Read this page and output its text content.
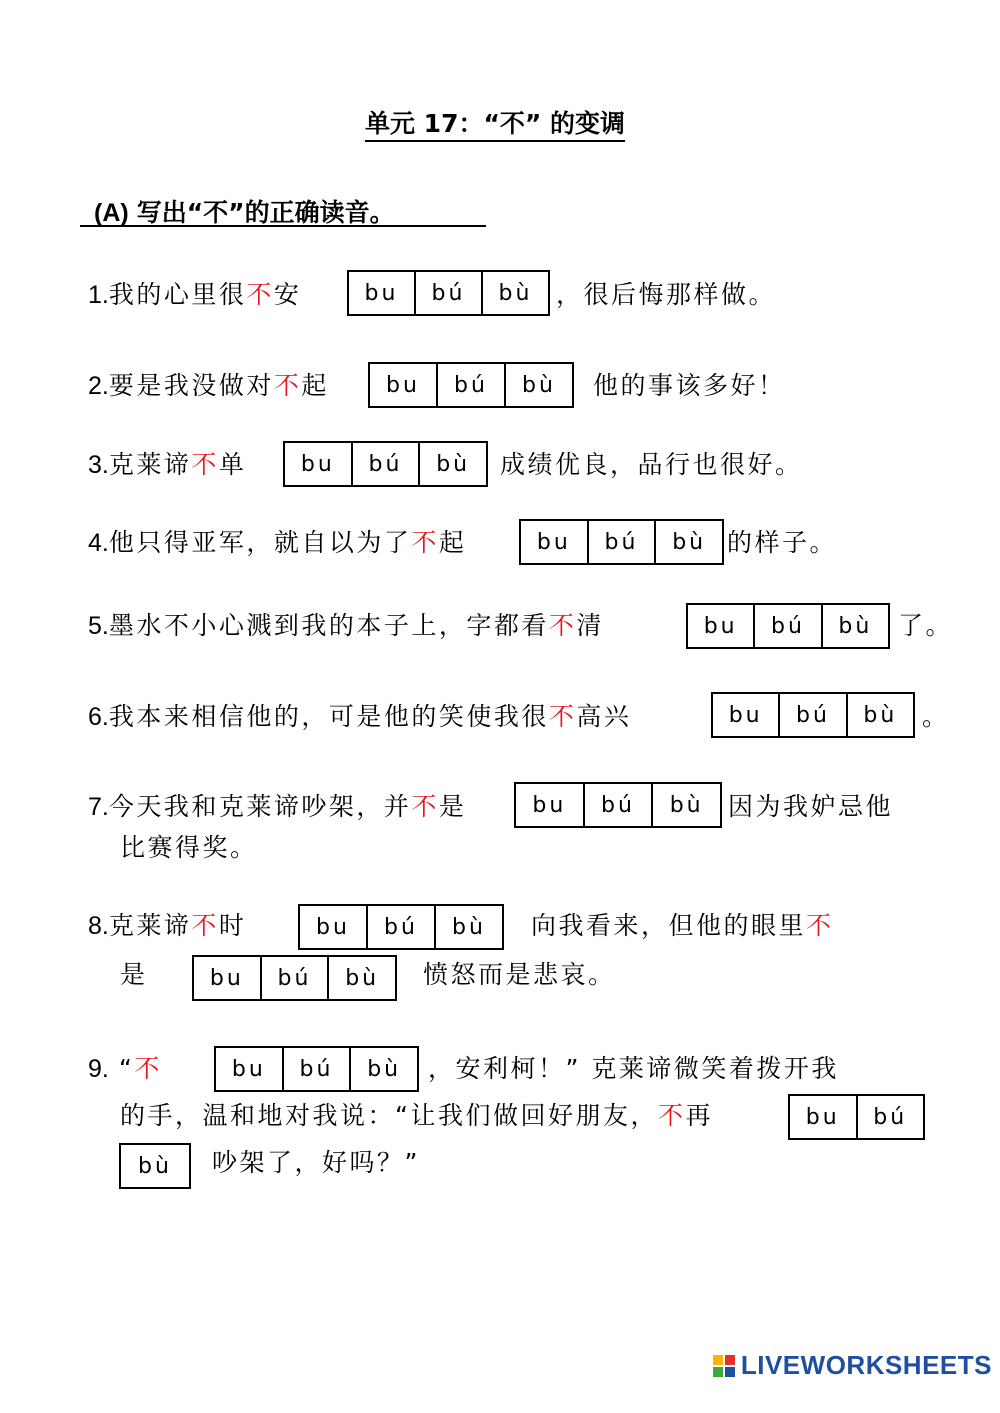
单元 17：“不” 的变调
(A) 写出“不”的正确读音。
1.我的心里很不安	bu	bú	bù ，很后悔那样做。
2.要是我没做对不起	bu	bú	bù	他的事该多好！
3.克莱谛不单	bu	bú	bù	成绩优良，品行也很好。
4.他只得亚军，就自以为了不起	bu	bú	bù 的样子。
5.墨水不小心溅到我的本子上，字都看不清	bu	bú	bù	了。
6.我本来相信他的，可是他的笑使我很不高兴	bu	bú	bù 。
7.今天我和克莱谛吵架，并不是	bu	bú	bù 因为我妒忌他
比赛得奖。
8.克莱谛不时	bu	bú	bù	向我看来，但他的眼里不
是	bu	bú	bù	愤怒而是悲哀。
9. “不	bu	bú	bù	，安利柯！” 克莱谛微笑着拨开我
的手，温和地对我说：“让我们做回好朋友，不再	bu	bú
bù	吵架了，好吗？”
LIVEWORKSHEETS
